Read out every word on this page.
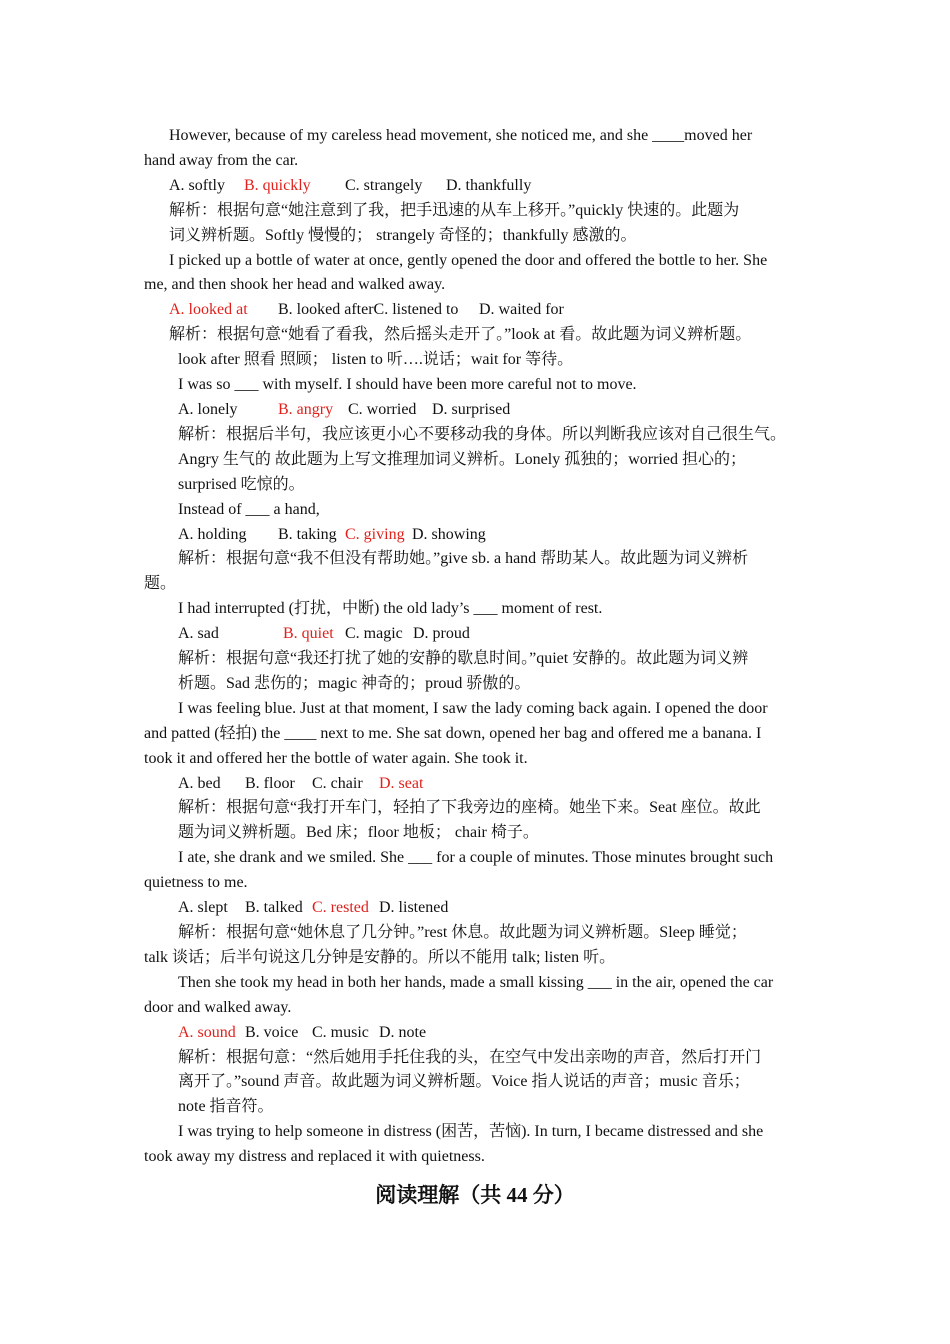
However, because of my careless head movement, she noticed me, and she ____moved her
hand away from the car.
A. softly B. quickly C. strangely D. thankfully
解析：根据句意“她注意到了我，把手迅速的从车上移开。”quickly 快速的。此题为
词义辨析题。Softly 慢慢的； strangely 奇怪的；thankfully 感激的。
I picked up a bottle of water at once, gently opened the door and offered the bottle to her. She
me, and then shook her head and walked away.
A. looked at B. looked afterC. listened to D. waited for
解析：根据句意“她看了看我，然后摇头走开了。”look at 看。故此题为词义辨析题。
look after 照看 照顾； listen to 听….说话；wait for 等待。
I was so ___ with myself. I should have been more careful not to move.
A. lonely	B. angry C. worried D. surprised
解析：根据后半句，我应该更小心不要移动我的身体。所以判断我应该对自己很生气。
Angry 生气的 故此题为上写文推理加词义辨析。Lonely 孤独的；worried 担心的；
surprised 吃惊的。
Instead of ___ a hand,
A. holding B. taking C. giving D. showing
解析：根据句意“我不但没有帮助她。”give sb. a hand 帮助某人。故此题为词义辨析
题。
I had interrupted (打扰，中断) the old lady’s ___ moment of rest.
A. sad	B. quiet C. magic D. proud
解析：根据句意“我还打扰了她的安静的歇息时间。”quiet 安静的。故此题为词义辨
析题。Sad 悲伤的；magic 神奇的；proud 骄傲的。
I was feeling blue. Just at that moment, I saw the lady coming back again. I opened the door
and patted (轻拍) the ____ next to me. She sat down, opened her bag and offered me a banana. I
took it and offered her the bottle of water again. She took it.
A. bed B. floor C. chair D. seat
解析：根据句意“我打开车门，轻拍了下我旁边的座椅。她坐下来。Seat 座位。故此
题为词义辨析题。Bed 床；floor 地板； chair 椅子。
I ate, she drank and we smiled. She ___ for a couple of minutes. Those minutes brought such
quietness to me.
A. slept B. talked C. rested D. listened
解析：根据句意“她休息了几分钟。”rest 休息。故此题为词义辨析题。Sleep 睡觉；
talk 谈话；后半句说这几分钟是安静的。所以不能用 talk; listen 听。
Then she took my head in both her hands, made a small kissing ___ in the air, opened the car
door and walked away.
A. sound B. voice C. music D. note
解析：根据句意：“然后她用手托住我的头，在空气中发出亲吻的声音，然后打开门
离开了。”sound 声音。故此题为词义辨析题。Voice 指人说话的声音；music 音乐；
note 指音符。
I was trying to help someone in distress (困苦，苦恼). In turn, I became distressed and she
took away my distress and replaced it with quietness.
阅读理解（共 44 分）
